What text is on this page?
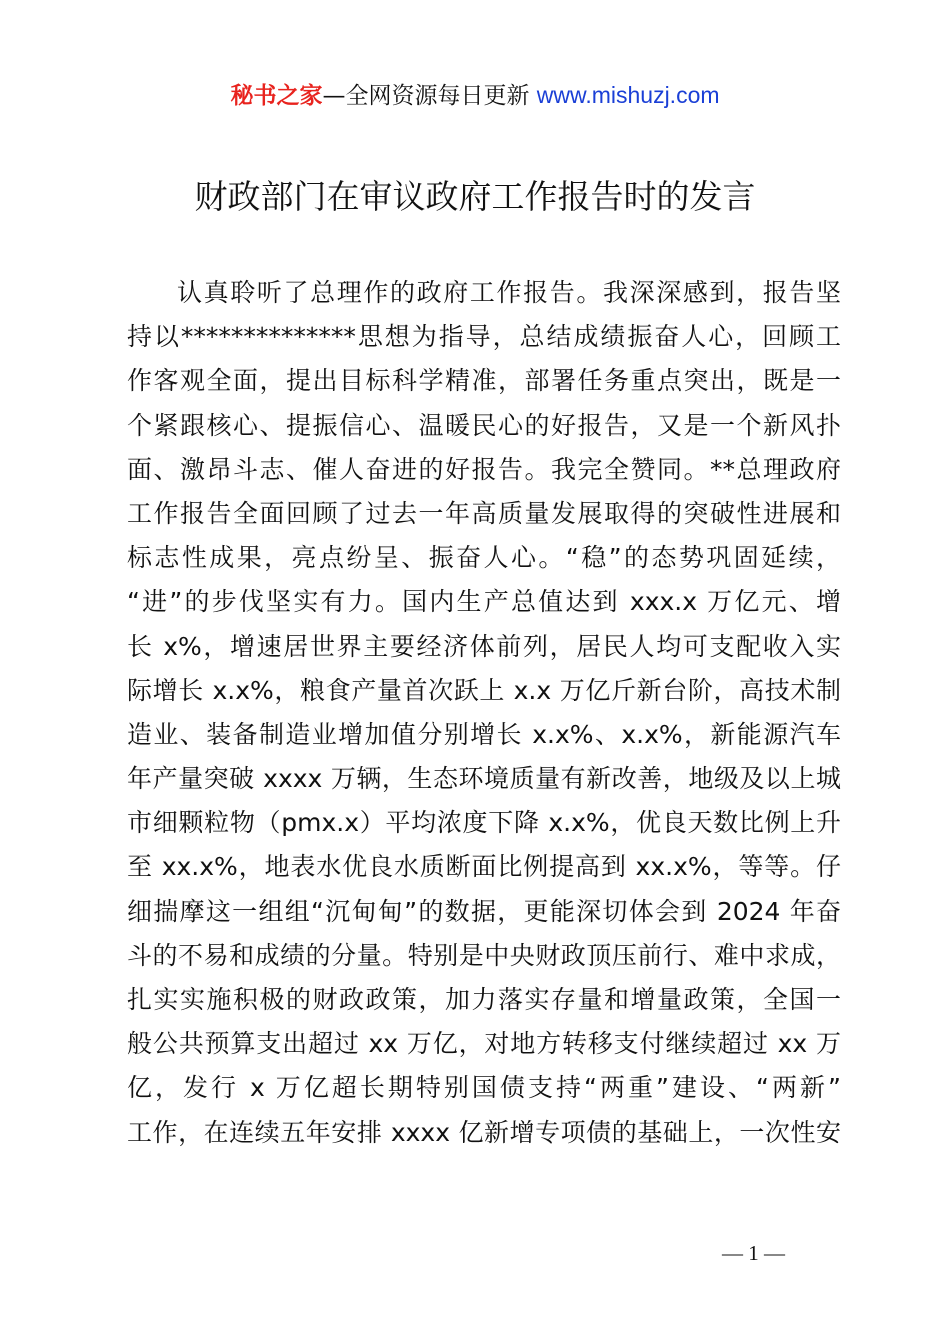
秘书之家—全网资源每日更新 www.mishuzj.com
财政部门在审议政府工作报告时的发言
认真聆听了总理作的政府工作报告。我深深感到，报告坚
持以**************思想为指导，总结成绩振奋人心，回顾工
作客观全面，提出目标科学精准，部署任务重点突出，既是一
个紧跟核心、提振信心、温暖民心的好报告，又是一个新风扑
面、激昂斗志、催人奋进的好报告。我完全赞同。**总理政府
工作报告全面回顾了过去一年高质量发展取得的突破性进展和
标志性成果，亮点纷呈、振奋人心。“稳”的态势巩固延续，
“进”的步伐坚实有力。国内生产总值达到 xxx.x 万亿元、增
长 x%，增速居世界主要经济体前列，居民人均可支配收入实
际增长 x.x%，粮食产量首次跃上 x.x 万亿斤新台阶，高技术制
造业、装备制造业增加值分别增长 x.x%、x.x%，新能源汽车
年产量突破 xxxx 万辆，生态环境质量有新改善，地级及以上城
市细颗粒物（pmx.x）平均浓度下降 x.x%，优良天数比例上升
至 xx.x%，地表水优良水质断面比例提高到 xx.x%，等等。仔
细揣摩这一组组“沉甸甸”的数据，更能深切体会到 2024 年奋
斗的不易和成绩的分量。特别是中央财政顶压前行、难中求成，
扎实实施积极的财政政策，加力落实存量和增量政策，全国一
般公共预算支出超过 xx 万亿，对地方转移支付继续超过 xx 万
亿，发行 x 万亿超长期特别国债支持“两重”建设、“两新”
工作，在连续五年安排 xxxx 亿新增专项债的基础上，一次性安
— 1 —
